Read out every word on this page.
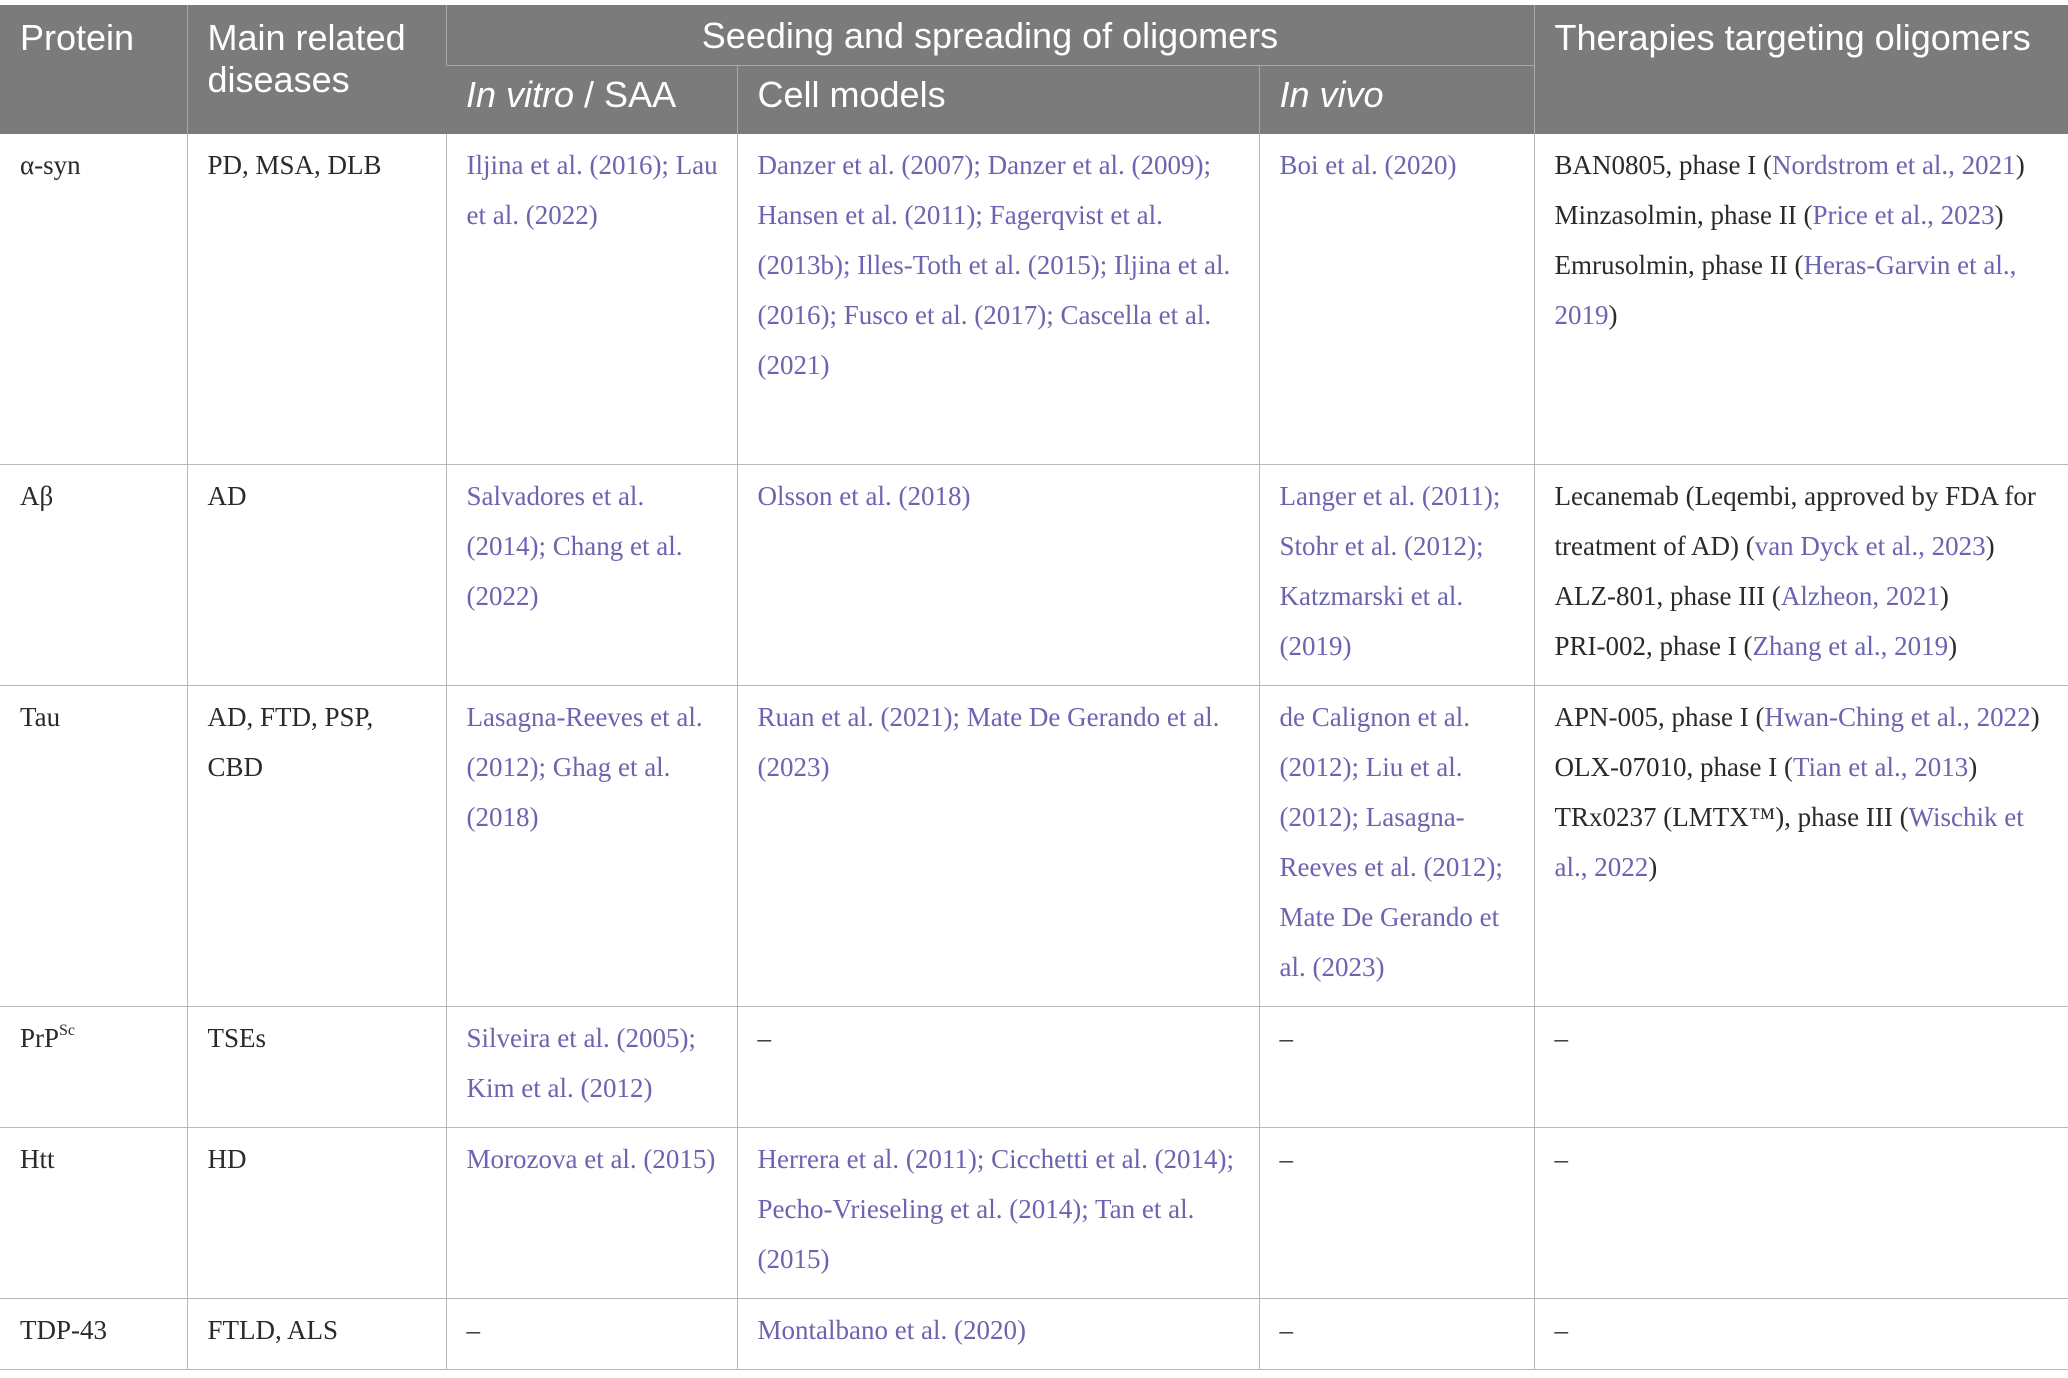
Protein	Main related diseases	Seeding and spreading of oligomers			Therapies targeting oligomers
		In vitro / SAA	Cell models	In vivo	
α-syn	PD, MSA, DLB	Iljina et al. (2016); Lau et al. (2022)	Danzer et al. (2007); Danzer et al. (2009); Hansen et al. (2011); Fagerqvist et al. (2013b); Illes-Toth et al. (2015); Iljina et al. (2016); Fusco et al. (2017); Cascella et al. (2021)	Boi et al. (2020)	BAN0805, phase I (Nordstrom et al., 2021)
Minzasolmin, phase II (Price et al., 2023)
Emrusolmin, phase II (Heras-Garvin et al., 2019)

Aβ	AD	Salvadores et al. (2014); Chang et al. (2022)	Olsson et al. (2018)	Langer et al. (2011); Stohr et al. (2012); Katzmarski et al. (2019)	Lecanemab (Leqembi, approved by FDA for treatment of AD) (van Dyck et al., 2023)
ALZ-801, phase III (Alzheon, 2021)
PRI-002, phase I (Zhang et al., 2019)

Tau	AD, FTD, PSP, CBD	Lasagna-Reeves et al. (2012); Ghag et al. (2018)	Ruan et al. (2021); Mate De Gerando et al. (2023)	de Calignon et al. (2012); Liu et al. (2012); Lasagna-Reeves et al. (2012); Mate De Gerando et al. (2023)	APN-005, phase I (Hwan-Ching et al., 2022)
OLX-07010, phase I (Tian et al., 2013)
TRx0237 (LMTX™), phase III (Wischik et al., 2022)

PrP$^{Sc}$	TSEs	Silveira et al. (2005); Kim et al. (2012)	–	–	–
Htt	HD	Morozova et al. (2015)	Herrera et al. (2011); Cicchetti et al. (2014); Pecho-Vrieseling et al. (2014); Tan et al. (2015)	–	–
TDP-43	FTLD, ALS	–	Montalbano et al. (2020)	–	–
